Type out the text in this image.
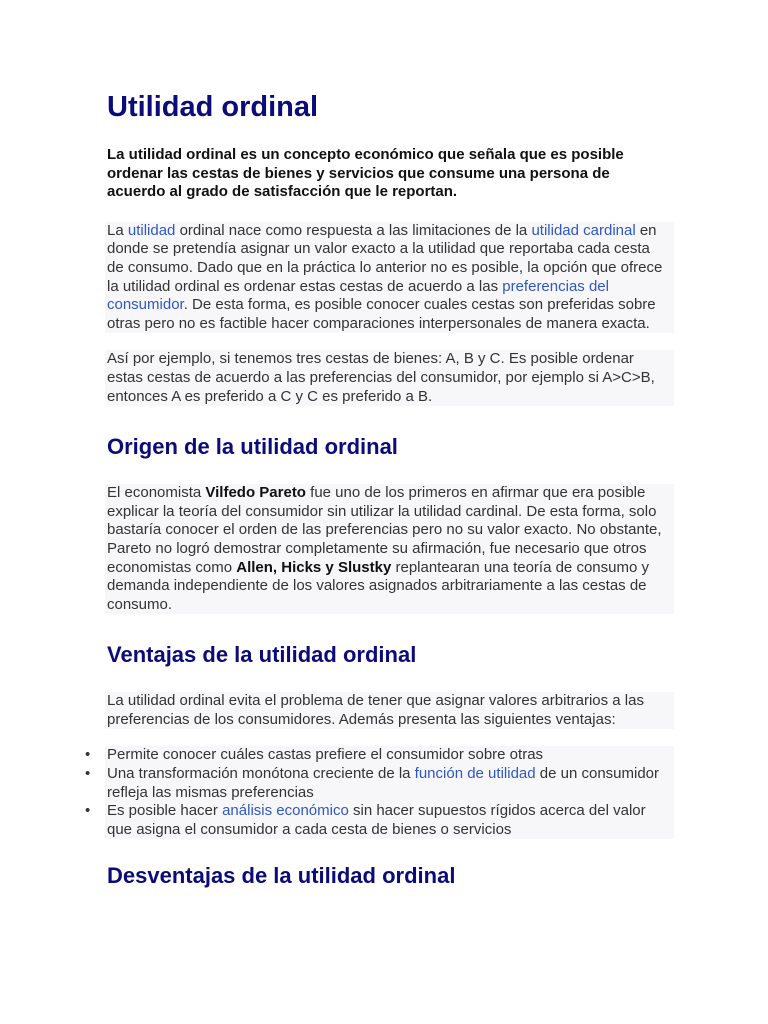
Utilidad ordinal

La utilidad ordinal es un concepto económico que señala que es posible ordenar las cestas de bienes y servicios que consume una persona de acuerdo al grado de satisfacción que le reportan.

La utilidad ordinal nace como respuesta a las limitaciones de la utilidad cardinal en donde se pretendía asignar un valor exacto a la utilidad que reportaba cada cesta de consumo. Dado que en la práctica lo anterior no es posible, la opción que ofrece la utilidad ordinal es ordenar estas cestas de acuerdo a las preferencias del consumidor. De esta forma, es posible conocer cuales cestas son preferidas sobre otras pero no es factible hacer comparaciones interpersonales de manera exacta.

Así por ejemplo, si tenemos tres cestas de bienes: A, B y C. Es posible ordenar estas cestas de acuerdo a las preferencias del consumidor, por ejemplo si A>C>B, entonces A es preferido a C y C es preferido a B.

Origen de la utilidad ordinal

El economista Vilfedo Pareto fue uno de los primeros en afirmar que era posible explicar la teoría del consumidor sin utilizar la utilidad cardinal. De esta forma, solo bastaría conocer el orden de las preferencias pero no su valor exacto. No obstante, Pareto no logró demostrar completamente su afirmación, fue necesario que otros economistas como Allen, Hicks y Slustky replantearan una teoría de consumo y demanda independiente de los valores asignados arbitrariamente a las cestas de consumo.

Ventajas de la utilidad ordinal

La utilidad ordinal evita el problema de tener que asignar valores arbitrarios a las preferencias de los consumidores. Además presenta las siguientes ventajas:

• Permite conocer cuáles castas prefiere el consumidor sobre otras
• Una transformación monótona creciente de la función de utilidad de un consumidor refleja las mismas preferencias
• Es posible hacer análisis económico sin hacer supuestos rígidos acerca del valor que asigna el consumidor a cada cesta de bienes o servicios
Desventajas de la utilidad ordinal
